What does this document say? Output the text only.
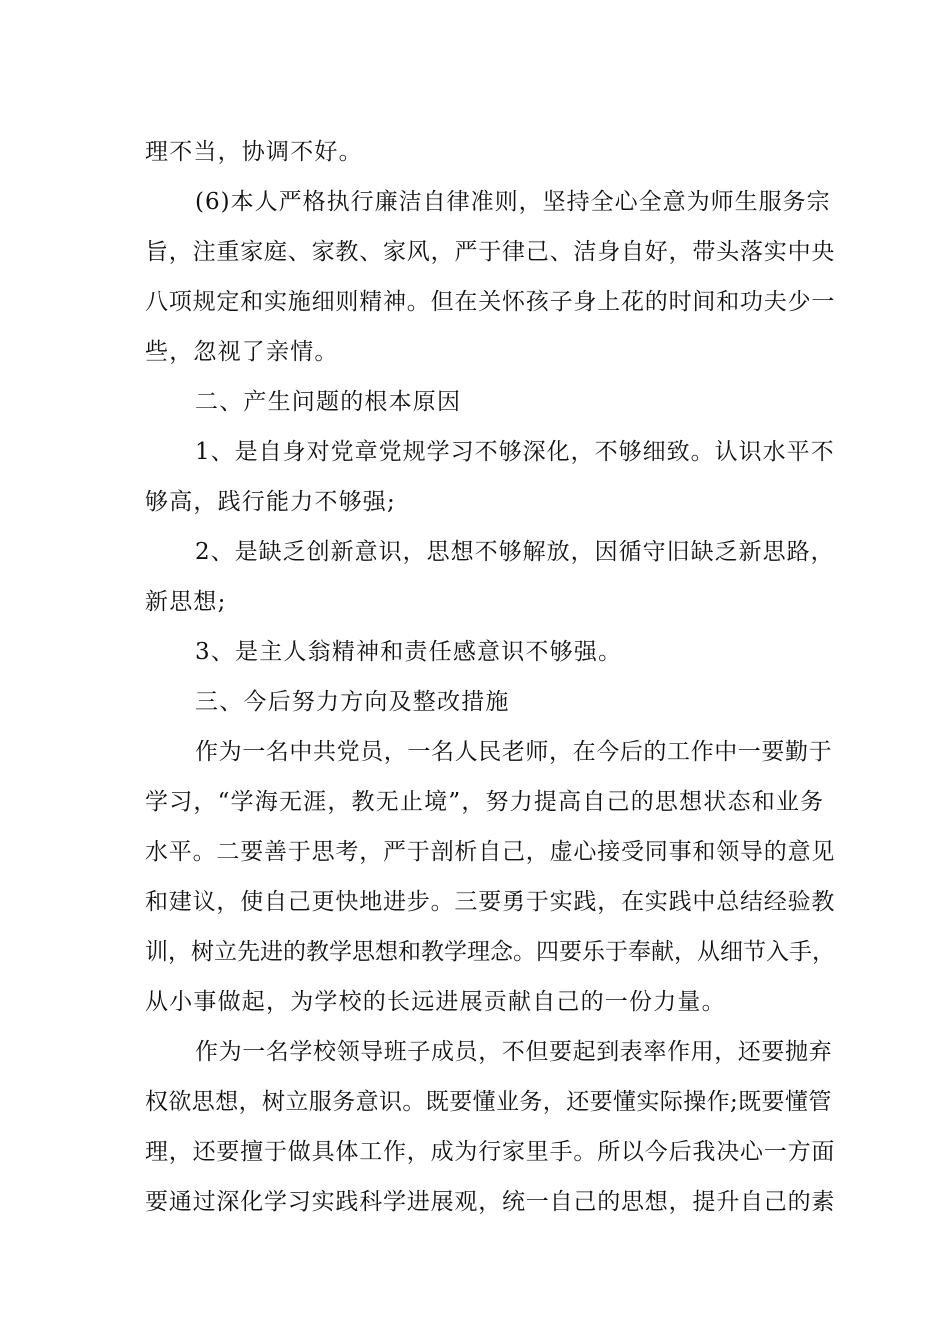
理不当，协调不好。
(6)本人严格执行廉洁自律准则，坚持全心全意为师生服务宗
旨，注重家庭、家教、家风，严于律己、洁身自好，带头落实中央
八项规定和实施细则精神。但在关怀孩子身上花的时间和功夫少一
些，忽视了亲情。
二、产生问题的根本原因
1、是自身对党章党规学习不够深化，不够细致。认识水平不
够高，践行能力不够强;
2、是缺乏创新意识，思想不够解放，因循守旧缺乏新思路，
新思想;
3、是主人翁精神和责任感意识不够强。
三、今后努力方向及整改措施
作为一名中共党员，一名人民老师，在今后的工作中一要勤于
学习，“学海无涯，教无止境”，努力提高自己的思想状态和业务
水平。二要善于思考，严于剖析自己，虚心接受同事和领导的意见
和建议，使自己更快地进步。三要勇于实践，在实践中总结经验教
训，树立先进的教学思想和教学理念。四要乐于奉献，从细节入手，
从小事做起，为学校的长远进展贡献自己的一份力量。
作为一名学校领导班子成员，不但要起到表率作用，还要抛弃
权欲思想，树立服务意识。既要懂业务，还要懂实际操作;既要懂管
理，还要擅于做具体工作，成为行家里手。所以今后我决心一方面
要通过深化学习实践科学进展观，统一自己的思想，提升自己的素
